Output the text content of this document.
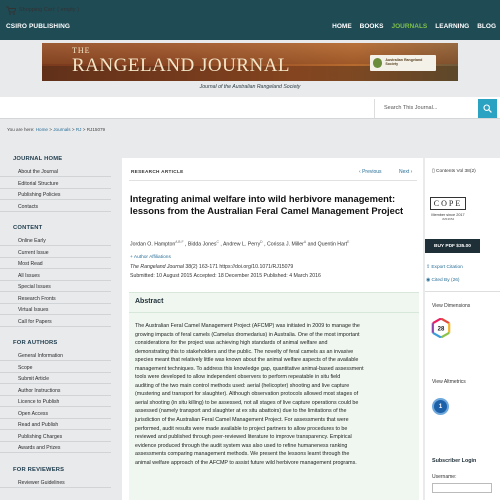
CSIRO PUBLISHING	HOME BOOKS JOURNALS LEARNING BLOG
THE
RANGELAND JOURNAL	Australian Rangeland Society
Journal of the Australian Rangeland Society
Shopping Cart: ( empty )
Search This Journal...
You are here: Home > Journals > RJ > RJ15079
RESEARCH ARTICLE	‹ Previous	Next ›
Integrating animal welfare into wild herbivore management: lessons from the Australian Feral Camel Management Project
Jordan O. Hampton$^{A B F}$ , Bidda Jones$^C$ , Andrew L. Perry$^D$ , Corissa J. Miller$^A$ and Quentin Hart$^E$
+ Author Affiliations
The Rangeland Journal 38(2) 163-171 https://doi.org/10.1071/RJ15079
Submitted: 10 August 2015 Accepted: 18 December 2015 Published: 4 March 2016
Abstract
The Australian Feral Camel Management Project (AFCMP) was initiated in 2009 to manage the
growing impacts of feral camels (Camelus dromedarius) in Australia. One of the most important
considerations for the project was achieving high standards of animal welfare and
demonstrating this to stakeholders and the public. The novelty of feral camels as an invasive
species meant that relatively little was known about the animal welfare aspects of the available
management techniques. To address this knowledge gap, quantitative animal-based assessment
tools were developed to allow independent observers to perform repeatable in situ field
auditing of the two main control methods used: aerial (helicopter) shooting and live capture
(mustering and transport for slaughter). Although observation protocols allowed most stages of
aerial shooting (in situ killing) to be assessed, not all stages of live capture operations could be
assessed (namely transport and slaughter at ex situ abattoirs) due to the limitations of the
jurisdiction of the Australian Feral Camel Management Project. For assessments that were
performed, audit results were made available to project partners to allow procedures to be
reviewed and published through peer-reviewed literature to improve transparency. Empirical
evidence produced through the audit system was also used to refine humaneness ranking
assessments comparing management methods. We present the lessons learnt through the
animal welfare approach of the AFCMP to assist future wild herbivore management programs.
▯ Contents Vol 38(2)
COPE
Member since 2017
JM13654
BUY PDF $35.00
⇪ Export Citation
◉ Cited By (26)
View Dimensions
28
View Altmetrics
1
Subscriber Login
Username:
JOURNAL HOME
About the Journal
Editorial Structure
Publishing Policies
Contacts
CONTENT
Online Early
Current Issue
Most Read
All Issues
Special Issues
Research Fronts
Virtual Issues
Call for Papers
FOR AUTHORS
General Information
Scope
Submit Article
Author Instructions
Licence to Publish
Open Access
Read and Publish
Publishing Charges
Awards and Prizes
FOR REVIEWERS
Reviewer Guidelines
